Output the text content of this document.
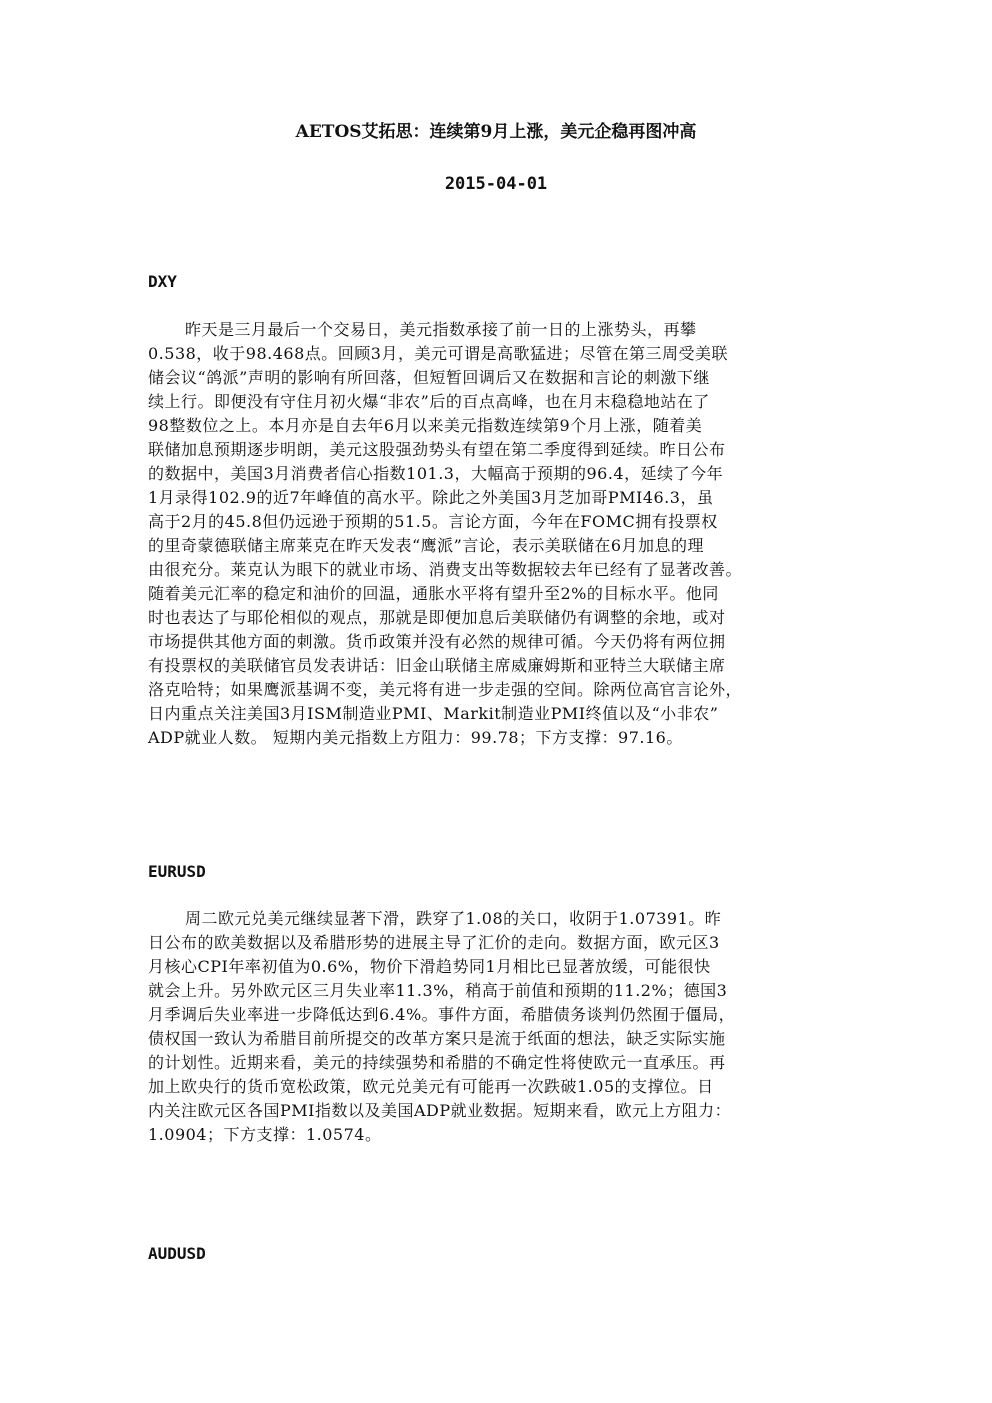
AETOS艾拓思：连续第9月上涨，美元企稳再图冲高
2015-04-01
DXY
昨天是三月最后一个交易日，美元指数承接了前一日的上涨势头，再攀
0.538，收于98.468点。回顾3月，美元可谓是高歌猛进；尽管在第三周受美联
储会议“鸽派”声明的影响有所回落，但短暂回调后又在数据和言论的刺激下继
续上行。即便没有守住月初火爆“非农”后的百点高峰，也在月末稳稳地站在了
98整数位之上。本月亦是自去年6月以来美元指数连续第9个月上涨，随着美
联储加息预期逐步明朗，美元这股强劲势头有望在第二季度得到延续。昨日公布
的数据中，美国3月消费者信心指数101.3，大幅高于预期的96.4，延续了今年
1月录得102.9的近7年峰值的高水平。除此之外美国3月芝加哥PMI46.3，虽
高于2月的45.8但仍远逊于预期的51.5。言论方面，今年在FOMC拥有投票权
的里奇蒙德联储主席莱克在昨天发表“鹰派”言论，表示美联储在6月加息的理
由很充分。莱克认为眼下的就业市场、消费支出等数据较去年已经有了显著改善。
随着美元汇率的稳定和油价的回温，通胀水平将有望升至2%的目标水平。他同
时也表达了与耶伦相似的观点，那就是即便加息后美联储仍有调整的余地，或对
市场提供其他方面的刺激。货币政策并没有必然的规律可循。今天仍将有两位拥
有投票权的美联储官员发表讲话：旧金山联储主席威廉姆斯和亚特兰大联储主席
洛克哈特；如果鹰派基调不变，美元将有进一步走强的空间。除两位高官言论外，
日内重点关注美国3月ISM制造业PMI、Markit制造业PMI终值以及“小非农”
ADP就业人数。 短期内美元指数上方阻力：99.78；下方支撑：97.16。
EURUSD
周二欧元兑美元继续显著下滑，跌穿了1.08的关口，收阴于1.07391。昨
日公布的欧美数据以及希腊形势的进展主导了汇价的走向。数据方面，欧元区3
月核心CPI年率初值为0.6%，物价下滑趋势同1月相比已显著放缓，可能很快
就会上升。另外欧元区三月失业率11.3%，稍高于前值和预期的11.2%；德国3
月季调后失业率进一步降低达到6.4%。事件方面，希腊债务谈判仍然囿于僵局，
债权国一致认为希腊目前所提交的改革方案只是流于纸面的想法，缺乏实际实施
的计划性。近期来看，美元的持续强势和希腊的不确定性将使欧元一直承压。再
加上欧央行的货币宽松政策，欧元兑美元有可能再一次跌破1.05的支撑位。日
内关注欧元区各国PMI指数以及美国ADP就业数据。短期来看，欧元上方阻力：
1.0904；下方支撑：1.0574。
AUDUSD
